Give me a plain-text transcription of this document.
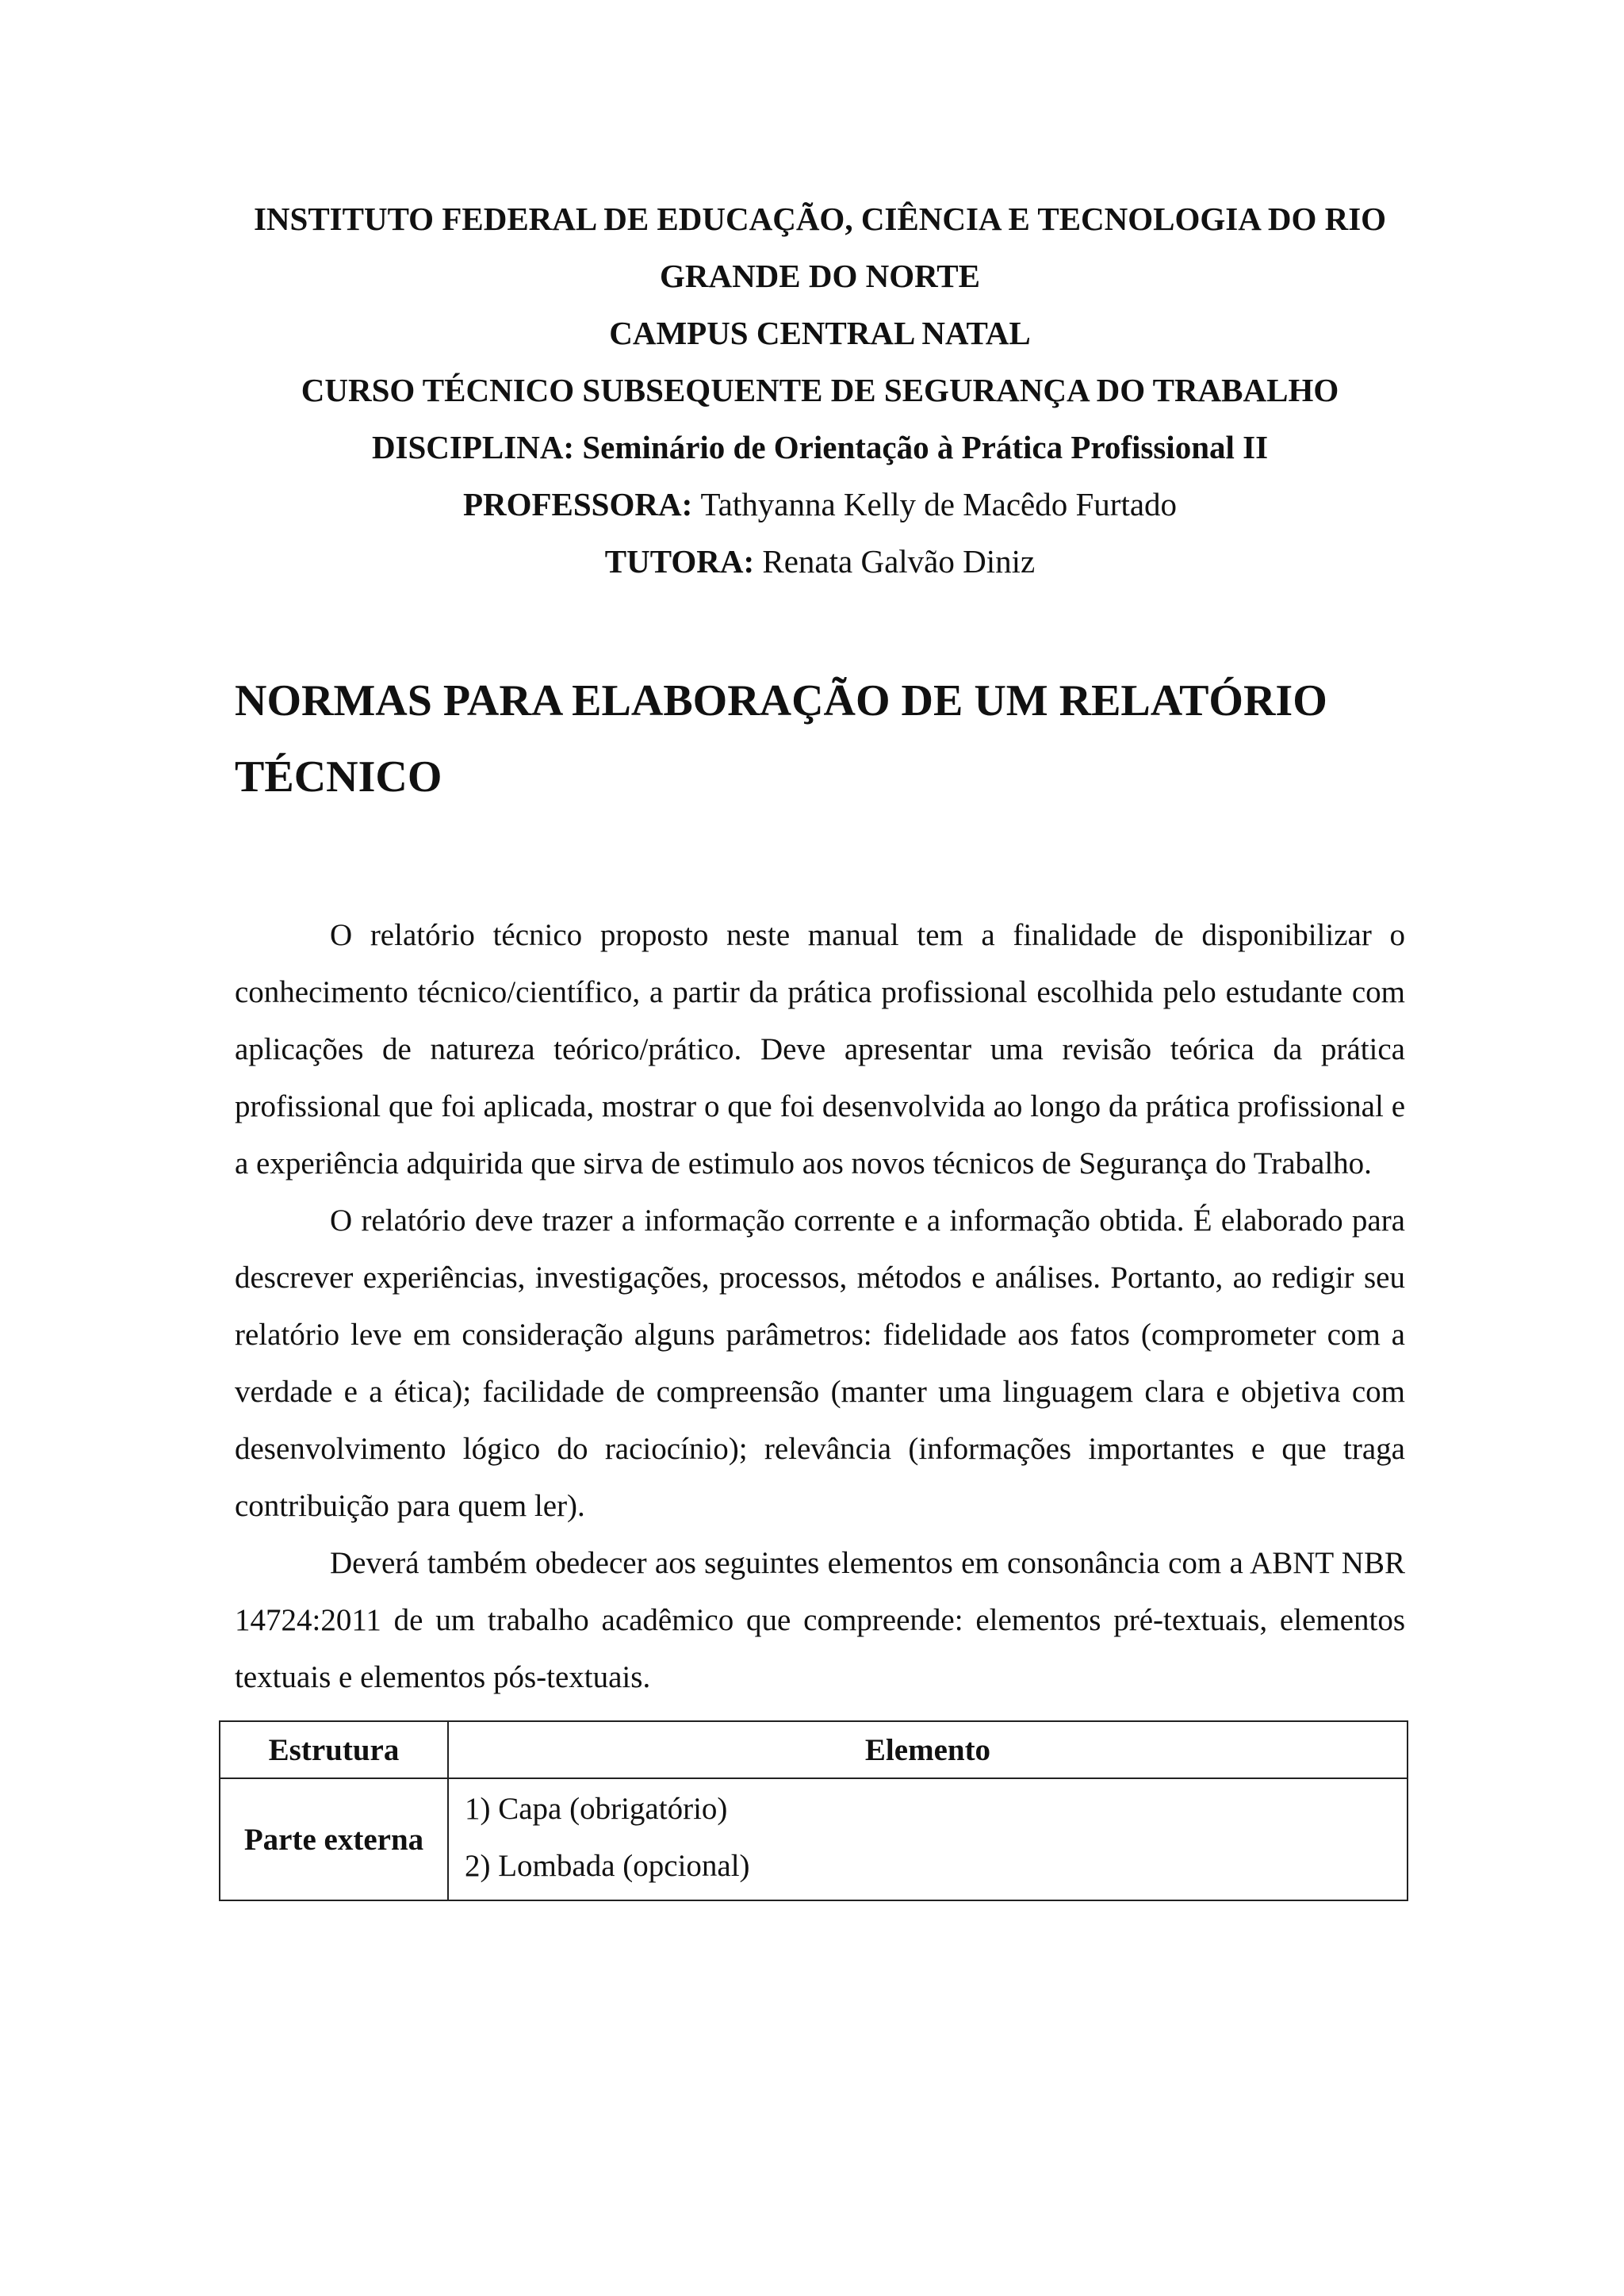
INSTITUTO FEDERAL DE EDUCAÇÃO, CIÊNCIA E TECNOLOGIA DO RIO
GRANDE DO NORTE
CAMPUS CENTRAL NATAL
CURSO TÉCNICO SUBSEQUENTE DE SEGURANÇA DO TRABALHO
DISCIPLINA: Seminário de Orientação à Prática Profissional II
PROFESSORA: Tathyanna Kelly de Macêdo Furtado
TUTORA: Renata Galvão Diniz
NORMAS PARA ELABORAÇÃO DE UM RELATÓRIO
TÉCNICO

O relatório técnico proposto neste manual tem a finalidade de disponibilizar o conhecimento técnico/científico, a partir da prática profissional escolhida pelo estudante com aplicações de natureza teórico/prático. Deve apresentar uma revisão teórica da prática profissional que foi aplicada, mostrar o que foi desenvolvida ao longo da prática profissional e a experiência adquirida que sirva de estimulo aos novos técnicos de Segurança do Trabalho.

O relatório deve trazer a informação corrente e a informação obtida. É elaborado para descrever experiências, investigações, processos, métodos e análises. Portanto, ao redigir seu relatório leve em consideração alguns parâmetros: fidelidade aos fatos (comprometer com a verdade e a ética); facilidade de compreensão (manter uma linguagem clara e objetiva com desenvolvimento lógico do raciocínio); relevância (informações importantes e que traga contribuição para quem ler).

Deverá também obedecer aos seguintes elementos em consonância com a ABNT NBR 14724:2011 de um trabalho acadêmico que compreende: elementos pré-textuais, elementos textuais e elementos pós-textuais.

Estrutura	Elemento
Parte externa	1) Capa (obrigatório)
2) Lombada (opcional)
